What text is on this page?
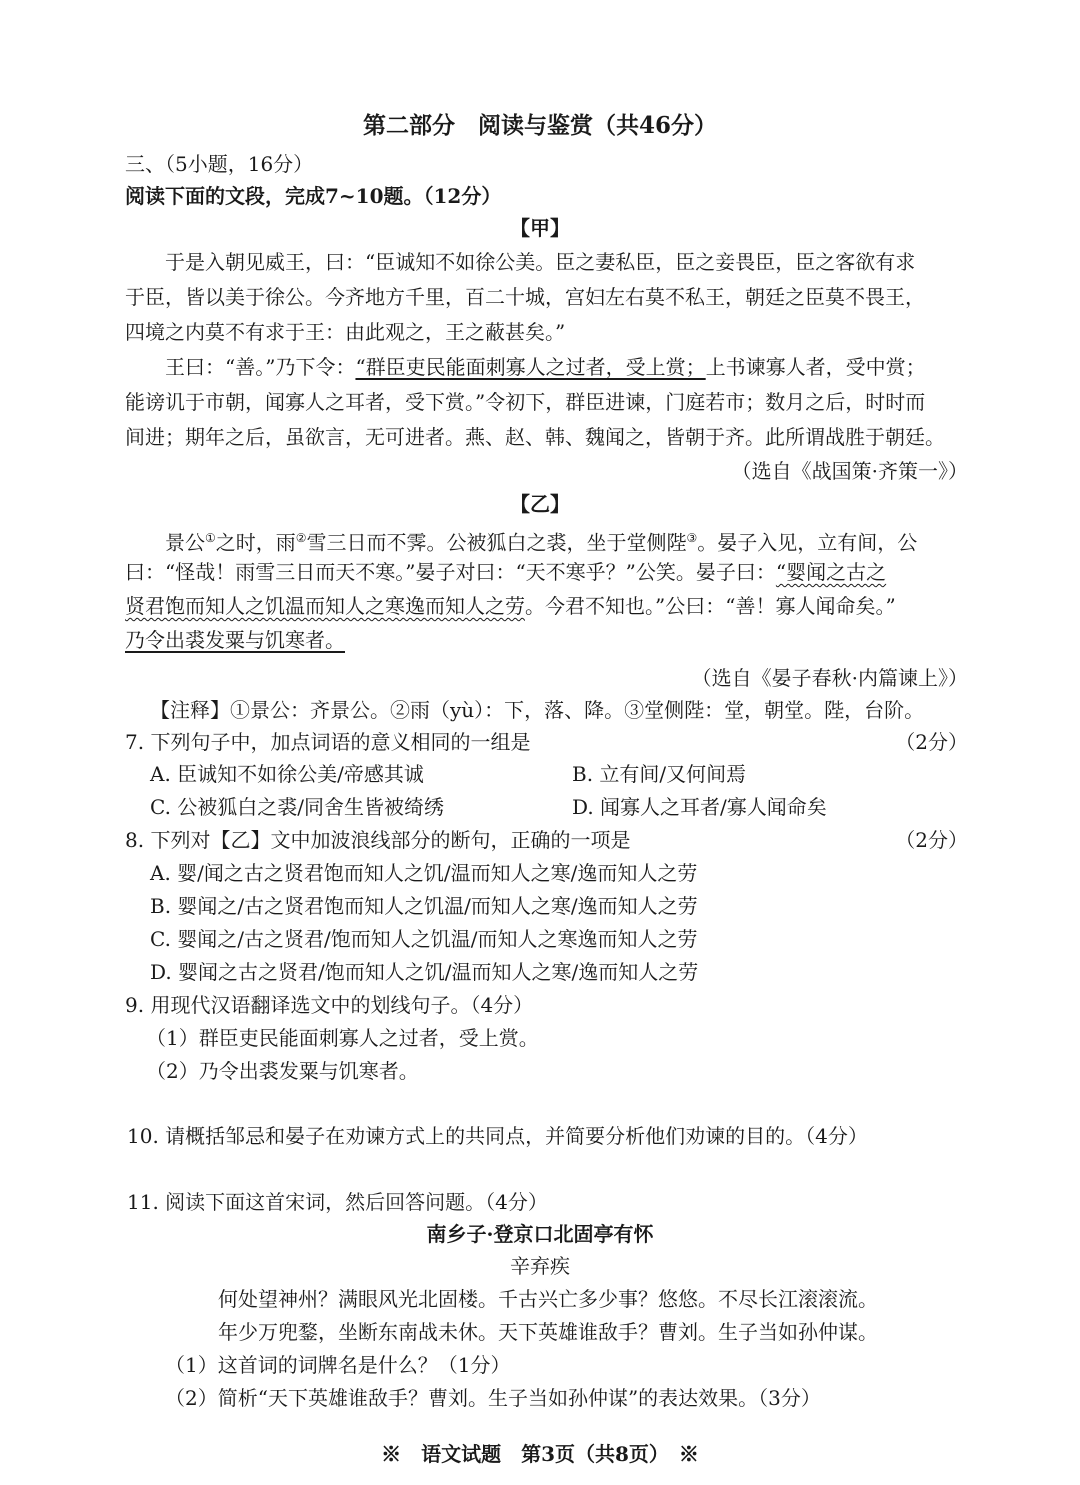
第二部分　阅读与鉴赏（共46分）
三、（5小题，16分）
阅读下面的文段，完成7~10题。（12分）
【甲】
于是入朝见威王，曰：“臣诚知不如徐公美。臣之妻私臣，臣之妾畏臣，臣之客欲有求
于臣，皆以美于徐公。今齐地方千里，百二十城，宫妇左右莫不私王，朝廷之臣莫不畏王，
四境之内莫不有求于王：由此观之，王之蔽甚矣。”
王曰：“善。”乃下令：“群臣吏民能面刺寡人之过者，受上赏；上书谏寡人者，受中赏；
能谤讥于市朝，闻寡人之耳者，受下赏。”令初下，群臣进谏，门庭若市；数月之后，时时而
间进；期年之后，虽欲言，无可进者。燕、赵、韩、魏闻之，皆朝于齐。此所谓战胜于朝廷。
（选自《战国策·齐策一》）
【乙】
景公①之时，雨②雪三日而不霁。公被狐白之裘，坐于堂侧陛③。晏子入见，立有间，公
曰：“怪哉！雨雪三日而天不寒。”晏子对曰：“天不寒乎？”公笑。晏子曰：“婴闻之古之
贤君饱而知人之饥温而知人之寒逸而知人之劳。今君不知也。”公曰：“善！寡人闻命矣。”
乃令出裘发粟与饥寒者。
（选自《晏子春秋·内篇谏上》）
【注释】①景公：齐景公。②雨（yù）：下，落、降。③堂侧陛：堂，朝堂。陛，台阶。
7. 下列句子中，加点词语的意义相同的一组是	（2分）
A. 臣诚知不如徐公美/帝感其诚	B. 立有间/又何间焉
C. 公被狐白之裘/同舍生皆被绮绣	D. 闻寡人之耳者/寡人闻命矣
8. 下列对【乙】文中加波浪线部分的断句，正确的一项是	（2分）
A. 婴/闻之古之贤君饱而知人之饥/温而知人之寒/逸而知人之劳
B. 婴闻之/古之贤君饱而知人之饥温/而知人之寒/逸而知人之劳
C. 婴闻之/古之贤君/饱而知人之饥温/而知人之寒逸而知人之劳
D. 婴闻之古之贤君/饱而知人之饥/温而知人之寒/逸而知人之劳
9. 用现代汉语翻译选文中的划线句子。（4分）
（1）群臣吏民能面刺寡人之过者，受上赏。
（2）乃令出裘发粟与饥寒者。
10. 请概括邹忌和晏子在劝谏方式上的共同点，并简要分析他们劝谏的目的。（4分）
11. 阅读下面这首宋词，然后回答问题。（4分）
南乡子·登京口北固亭有怀
辛弃疾
何处望神州？满眼风光北固楼。千古兴亡多少事？悠悠。不尽长江滚滚流。
年少万兜鍪，坐断东南战未休。天下英雄谁敌手？曹刘。生子当如孙仲谋。
（1）这首词的词牌名是什么？（1分）
（2）简析“天下英雄谁敌手？曹刘。生子当如孙仲谋”的表达效果。（3分）
※　语文试题　第3页（共8页）　※
